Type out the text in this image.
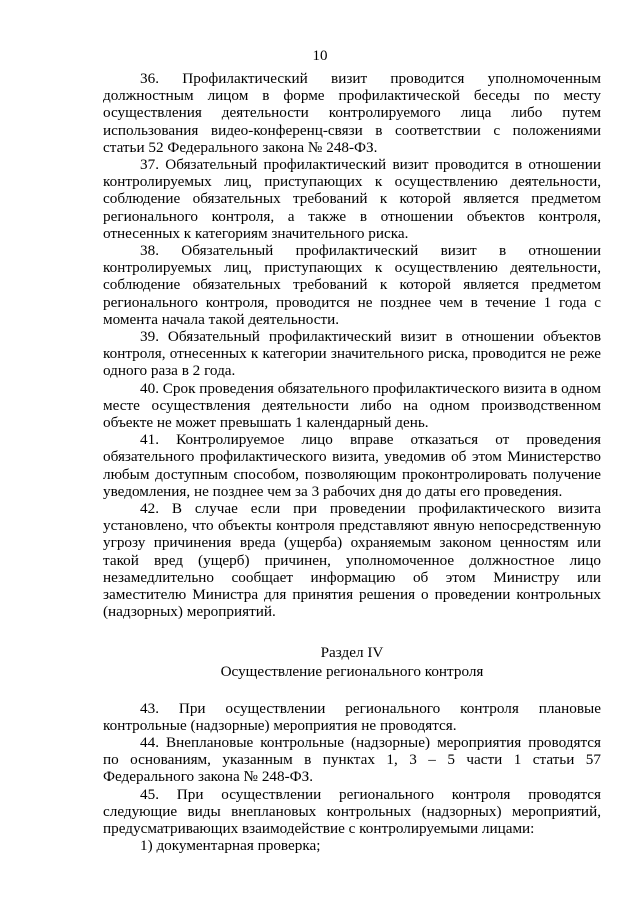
10

36. Профилактический визит проводится уполномоченным должностным лицом в форме профилактической беседы по месту осуществления деятельности контролируемого лица либо путем использования видео-конференц-связи в соответствии с положениями статьи 52 Федерального закона № 248-ФЗ.

37. Обязательный профилактический визит проводится в отношении контролируемых лиц, приступающих к осуществлению деятельности, соблюдение обязательных требований к которой является предметом регионального контроля, а также в отношении объектов контроля, отнесенных к категориям значительного риска.

38. Обязательный профилактический визит в отношении контролируемых лиц, приступающих к осуществлению деятельности, соблюдение обязательных требований к которой является предметом регионального контроля, проводится не позднее чем в течение 1 года с момента начала такой деятельности.

39. Обязательный профилактический визит в отношении объектов контроля, отнесенных к категории значительного риска, проводится не реже одного раза в 2 года.

40. Срок проведения обязательного профилактического визита в одном месте осуществления деятельности либо на одном производственном объекте не может превышать 1 календарный день.

41. Контролируемое лицо вправе отказаться от проведения обязательного профилактического визита, уведомив об этом Министерство любым доступным способом, позволяющим проконтролировать получение уведомления, не позднее чем за 3 рабочих дня до даты его проведения.

42. В случае если при проведении профилактического визита установлено, что объекты контроля представляют явную непосредственную угрозу причинения вреда (ущерба) охраняемым законом ценностям или такой вред (ущерб) причинен, уполномоченное должностное лицо незамедлительно сообщает информацию об этом Министру или заместителю Министра для принятия решения о проведении контрольных (надзорных) мероприятий.

Раздел IV

Осуществление регионального контроля

43. При осуществлении регионального контроля плановые контрольные (надзорные) мероприятия не проводятся.

44. Внеплановые контрольные (надзорные) мероприятия проводятся по основаниям, указанным в пунктах 1, 3 – 5 части 1 статьи 57 Федерального закона № 248-ФЗ.

45. При осуществлении регионального контроля проводятся следующие виды внеплановых контрольных (надзорных) мероприятий, предусматривающих взаимодействие с контролируемыми лицами:

1) документарная проверка;
